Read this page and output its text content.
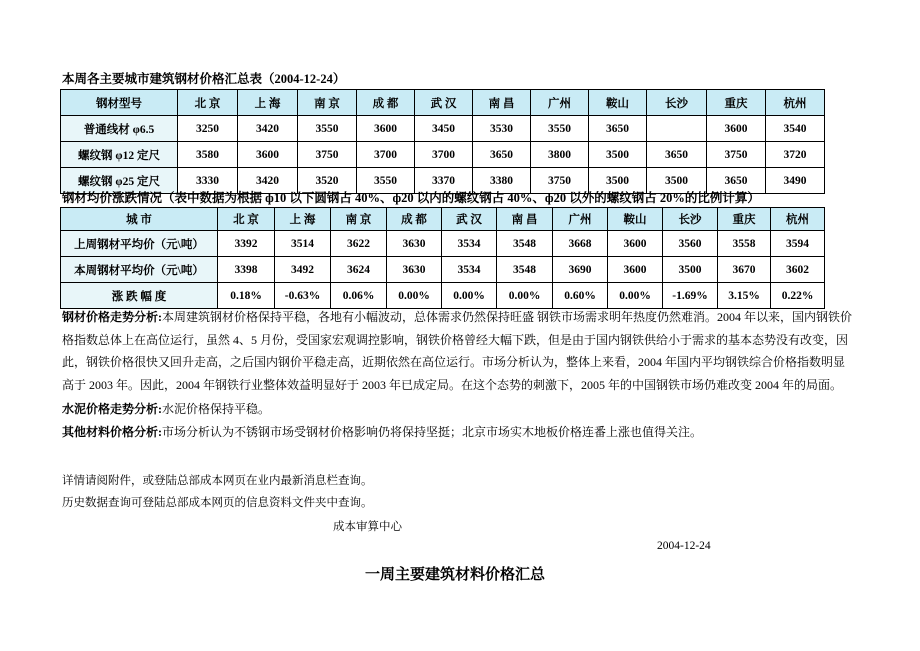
本周各主要城市建筑钢材价格汇总表（2004-12-24）
钢材型号	北 京	上 海	南 京	成 都	武 汉	南 昌	广州	鞍山	长沙	重庆	杭州
普通线材 φ6.5	3250	3420	3550	3600	3450	3530	3550	3650		3600	3540
螺纹钢 φ12 定尺	3580	3600	3750	3700	3700	3650	3800	3500	3650	3750	3720
螺纹钢 φ25 定尺	3330	3420	3520	3550	3370	3380	3750	3500	3500	3650	3490
钢材均价涨跌情况（表中数据为根据 ф10 以下圆钢占 40%、ф20 以内的螺纹钢占 40%、ф20 以外的螺纹钢占 20%的比例计算）
城 市	北 京	上 海	南 京	成 都	武 汉	南 昌	广州	鞍山	长沙	重庆	杭州
上周钢材平均价（元\吨）	3392	3514	3622	3630	3534	3548	3668	3600	3560	3558	3594
本周钢材平均价（元\吨）	3398	3492	3624	3630	3534	3548	3690	3600	3500	3670	3602
涨 跌 幅 度	0.18%	-0.63%	0.06%	0.00%	0.00%	0.00%	0.60%	0.00%	-1.69%	3.15%	0.22%
钢材价格走势分析:本周建筑钢材价格保持平稳，各地有小幅波动，总体需求仍然保持旺盛 钢铁市场需求明年热度仍然难消。2004 年以来，国内钢铁价格指数总体上在高位运行，虽然 4、5 月份，受国家宏观调控影响，钢铁价格曾经大幅下跌，但是由于国内钢铁供给小于需求的基本态势没有改变，因此，钢铁价格很快又回升走高，之后国内钢价平稳走高，近期依然在高位运行。市场分析认为，整体上来看，2004 年国内平均钢铁综合价格指数明显高于 2003 年。因此，2004 年钢铁行业整体效益明显好于 2003 年已成定局。在这个态势的刺激下，2005 年的中国钢铁市场仍难改变 2004 年的局面。
水泥价格走势分析:水泥价格保持平稳。
其他材料价格分析:市场分析认为不锈钢市场受钢材价格影响仍将保持坚挺；北京市场实木地板价格连番上涨也值得关注。
详情请阅附件，或登陆总部成本网页在业内最新消息栏查询。
历史数据查询可登陆总部成本网页的信息资料文件夹中查询。
成本审算中心
2004-12-24
一周主要建筑材料价格汇总
